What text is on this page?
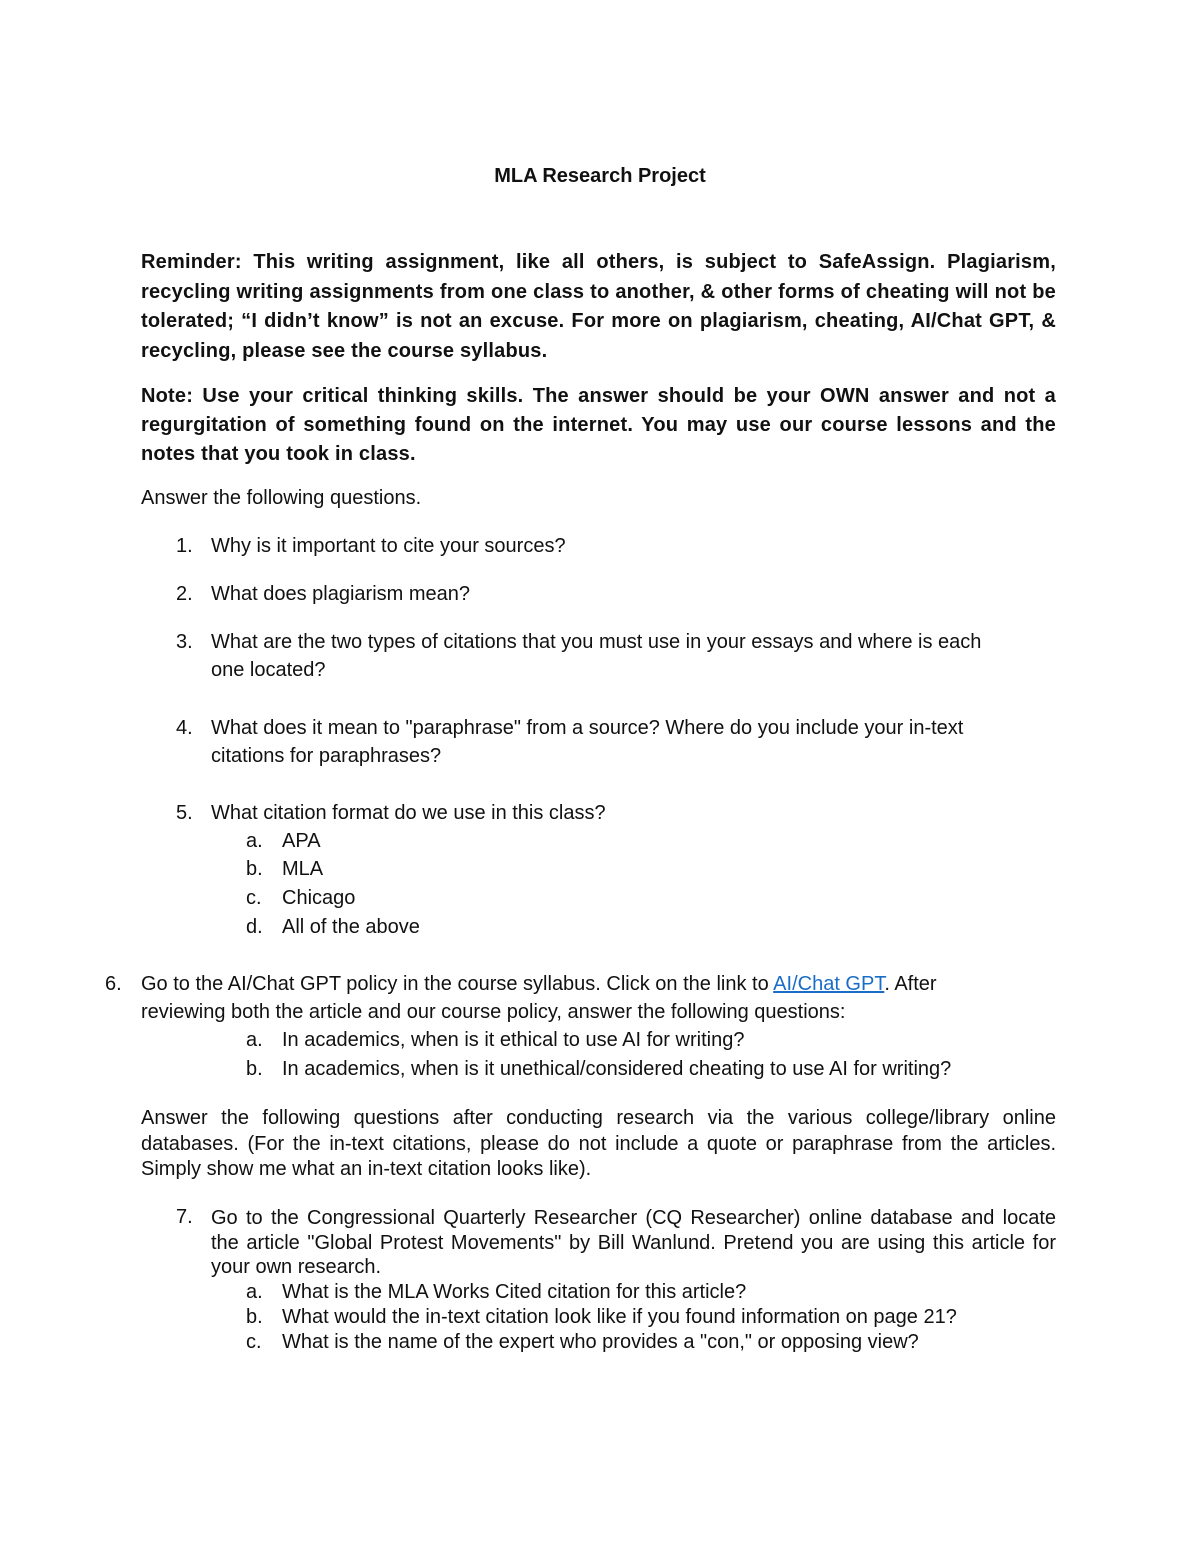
MLA Research Project
Reminder: This writing assignment, like all others, is subject to SafeAssign. Plagiarism, recycling writing assignments from one class to another, & other forms of cheating will not be tolerated; “I didn’t know” is not an excuse. For more on plagiarism, cheating, AI/Chat GPT, & recycling, please see the course syllabus.
Note: Use your critical thinking skills. The answer should be your OWN answer and not a regurgitation of something found on the internet. You may use our course lessons and the notes that you took in class.
Answer the following questions.
1. Why is it important to cite your sources?
2. What does plagiarism mean?
3. What are the two types of citations that you must use in your essays and where is each
one located?
4. What does it mean to "paraphrase" from a source? Where do you include your in-text
citations for paraphrases?
5. What citation format do we use in this class?
a. APA
b. MLA
c. Chicago
d. All of the above
6. Go to the AI/Chat GPT policy in the course syllabus. Click on the link to AI/Chat GPT. After
reviewing both the article and our course policy, answer the following questions:
a. In academics, when is it ethical to use AI for writing?
b. In academics, when is it unethical/considered cheating to use AI for writing?
Answer the following questions after conducting research via the various college/library online databases. (For the in-text citations, please do not include a quote or paraphrase from the articles. Simply show me what an in-text citation looks like).
7. Go to the Congressional Quarterly Researcher (CQ Researcher) online database and locate the article "Global Protest Movements" by Bill Wanlund. Pretend you are using this article for your own research.
a. What is the MLA Works Cited citation for this article?
b. What would the in-text citation look like if you found information on page 21?
c. What is the name of the expert who provides a "con," or opposing view?
